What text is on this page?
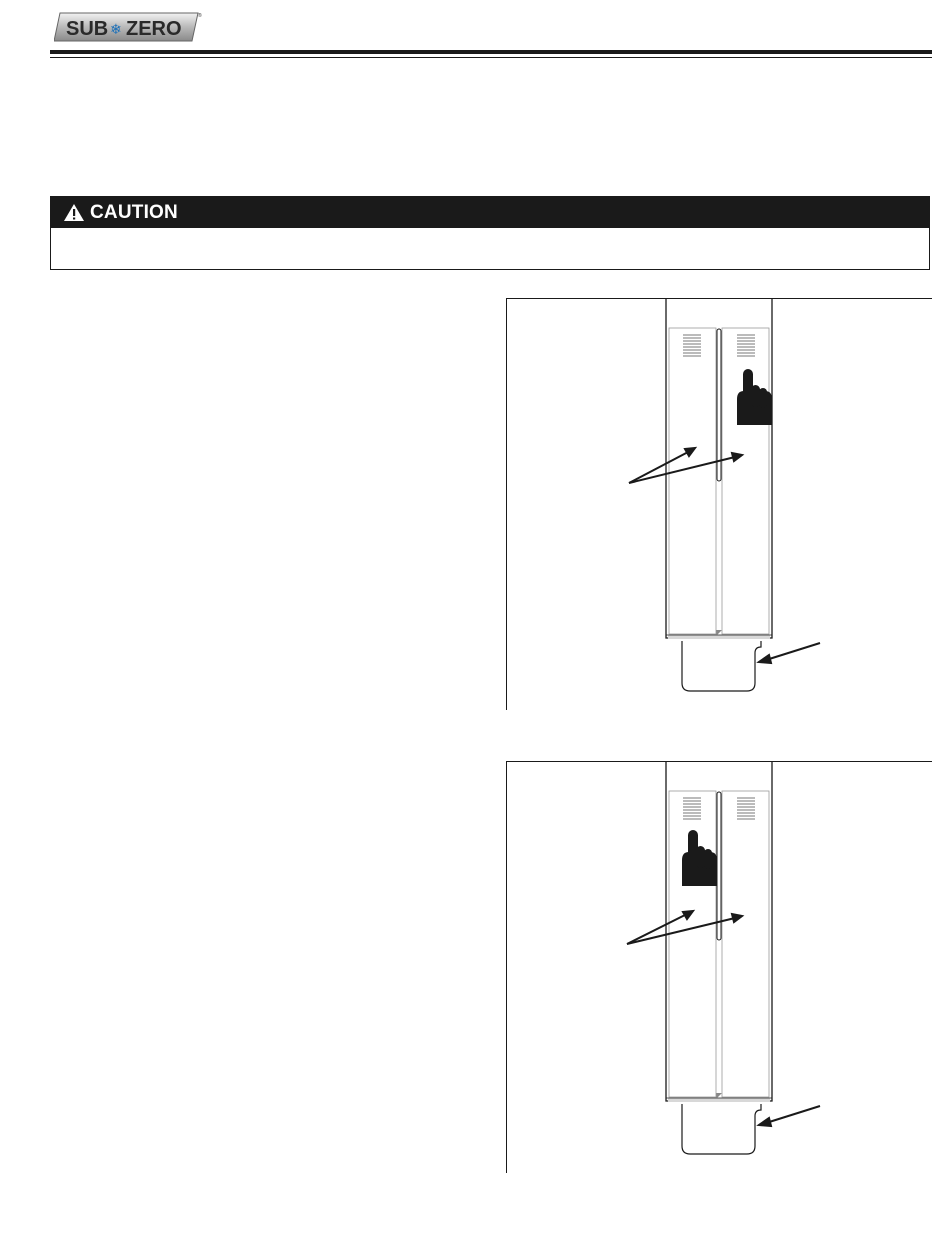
SUB ❄ ZERO
®
CAUTION
